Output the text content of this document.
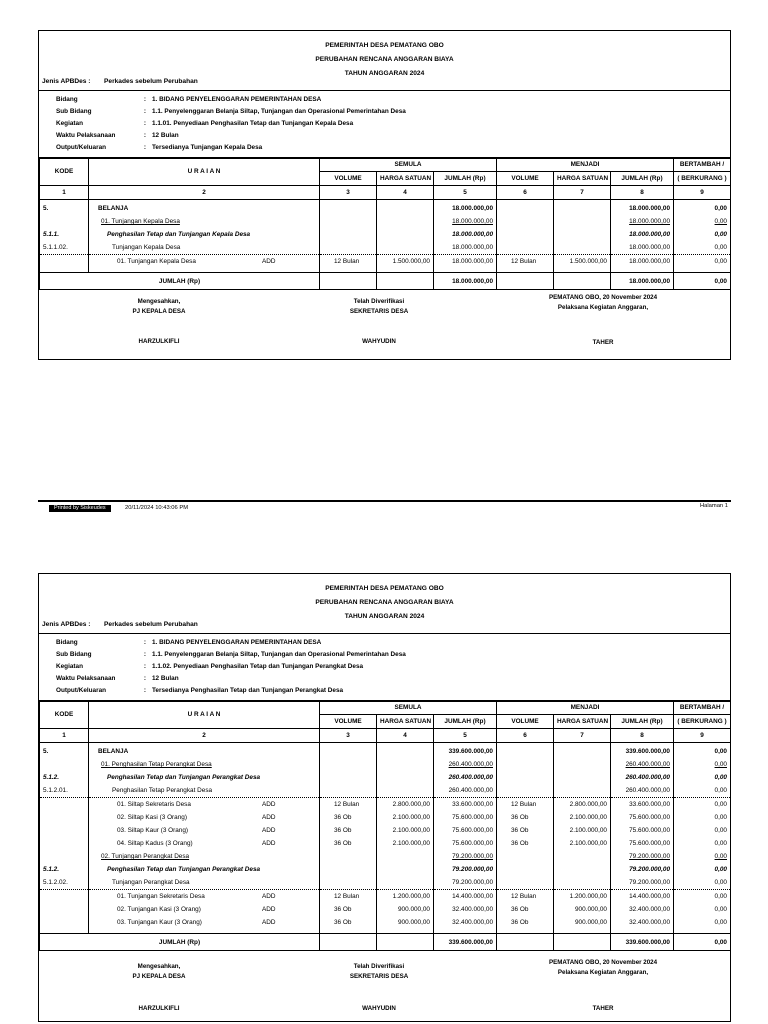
PEMERINTAH DESA PEMATANG OBO
PERUBAHAN RENCANA ANGGARAN BIAYA
TAHUN ANGGARAN 2024
Jenis APBDes : Perkades sebelum Perubahan
Bidang	: 1. BIDANG PENYELENGGARAN PEMERINTAHAN DESA
Sub Bidang	: 1.1. Penyelenggaran Belanja Siltap, Tunjangan dan Operasional Pemerintahan Desa
Kegiatan	: 1.1.01. Penyediaan Penghasilan Tetap dan Tunjangan Kepala Desa
Waktu Pelaksanaan	: 12 Bulan
Output/Keluaran	: Tersedianya Tunjangan Kepala Desa
KODE	U R A I A N	SEMULA			MENJADI			BERTAMBAH /
		VOLUME	HARGA SATUAN	JUMLAH (Rp)	VOLUME	HARGA SATUAN	JUMLAH (Rp)	( BERKURANG )
1	2	3	4	5	6	7	8	9
5.	BELANJA			18.000.000,00			18.000.000,00	0,00
	01. Tunjangan Kepala Desa			18.000.000,00			18.000.000,00	0,00
5.1.1.	Penghasilan Tetap dan Tunjangan Kepala Desa			18.000.000,00			18.000.000,00	0,00
5.1.1.02.	Tunjangan Kepala Desa			18.000.000,00			18.000.000,00	0,00
	01. Tunjangan Kepala Desa ADD	12 Bulan	1.500.000,00	18.000.000,00	12 Bulan	1.500.000,00	18.000.000,00	0,00

JUMLAH (Rp)				18.000.000,00			18.000.000,00	0,00
Mengesahkan,
PJ KEPALA DESA
HARZULKIFLI
Telah Diverifikasi
SEKRETARIS DESA
WAHYUDIN
PEMATANG OBO, 20 November 2024
Pelaksana Kegiatan Anggaran,
TAHER
Printed by Siskeudes	20/11/2024 10:43:06 PM	Halaman 1
PEMERINTAH DESA PEMATANG OBO
PERUBAHAN RENCANA ANGGARAN BIAYA
TAHUN ANGGARAN 2024
Jenis APBDes : Perkades sebelum Perubahan
Bidang	: 1. BIDANG PENYELENGGARAN PEMERINTAHAN DESA
Sub Bidang	: 1.1. Penyelenggaran Belanja Siltap, Tunjangan dan Operasional Pemerintahan Desa
Kegiatan	: 1.1.02. Penyediaan Penghasilan Tetap dan Tunjangan Perangkat Desa
Waktu Pelaksanaan	: 12 Bulan
Output/Keluaran	: Tersedianya Penghasilan Tetap dan Tunjangan Perangkat Desa
KODE	U R A I A N	SEMULA			MENJADI			BERTAMBAH /
		VOLUME	HARGA SATUAN	JUMLAH (Rp)	VOLUME	HARGA SATUAN	JUMLAH (Rp)	( BERKURANG )
1	2	3	4	5	6	7	8	9
5.	BELANJA			339.600.000,00			339.600.000,00	0,00
	01. Penghasilan Tetap Perangkat Desa			260.400.000,00			260.400.000,00	0,00
5.1.2.	Penghasilan Tetap dan Tunjangan Perangkat Desa			260.400.000,00			260.400.000,00	0,00
5.1.2.01.	Penghasilan Tetap Perangkat Desa			260.400.000,00			260.400.000,00	0,00
	01. Siltap Sekretaris Desa ADD	12 Bulan	2.800.000,00	33.600.000,00	12 Bulan	2.800.000,00	33.600.000,00	0,00
	02. Siltap Kasi (3 Orang) ADD	36 Ob	2.100.000,00	75.600.000,00	36 Ob	2.100.000,00	75.600.000,00	0,00
	03. Siltap Kaur (3 Orang) ADD	36 Ob	2.100.000,00	75.600.000,00	36 Ob	2.100.000,00	75.600.000,00	0,00
	04. Siltap Kadus (3 Orang) ADD	36 Ob	2.100.000,00	75.600.000,00	36 Ob	2.100.000,00	75.600.000,00	0,00
	02. Tunjangan Perangkat Desa			79.200.000,00			79.200.000,00	0,00
5.1.2.	Penghasilan Tetap dan Tunjangan Perangkat Desa			79.200.000,00			79.200.000,00	0,00
5.1.2.02.	Tunjangan Perangkat Desa			79.200.000,00			79.200.000,00	0,00
	01. Tunjangan Sekretaris Desa ADD	12 Bulan	1.200.000,00	14.400.000,00	12 Bulan	1.200.000,00	14.400.000,00	0,00
	02. Tunjangan Kasi (3 Orang) ADD	36 Ob	900.000,00	32.400.000,00	36 Ob	900.000,00	32.400.000,00	0,00
	03. Tunjangan Kaur (3 Orang) ADD	36 Ob	900.000,00	32.400.000,00	36 Ob	900.000,00	32.400.000,00	0,00

JUMLAH (Rp)				339.600.000,00			339.600.000,00	0,00
Mengesahkan,
PJ KEPALA DESA
HARZULKIFLI
Telah Diverifikasi
SEKRETARIS DESA
WAHYUDIN
PEMATANG OBO, 20 November 2024
Pelaksana Kegiatan Anggaran,
TAHER
